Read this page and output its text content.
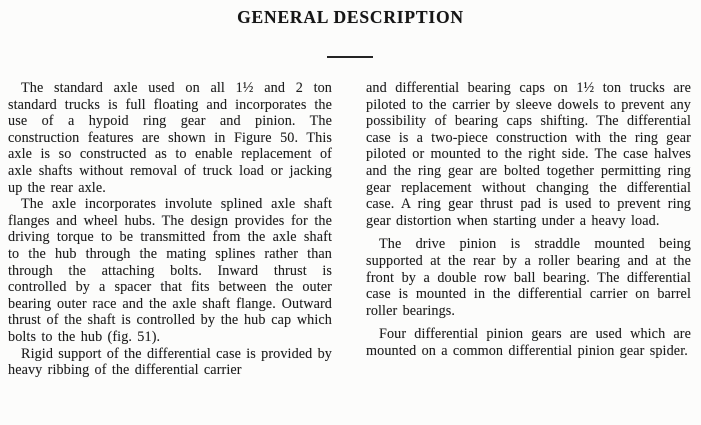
GENERAL DESCRIPTION

The standard axle used on all 1½ and 2 ton standard trucks is full floating and incorporates the use of a hypoid ring gear and pinion. The construction features are shown in Figure 50. This axle is so constructed as to enable replacement of axle shafts without removal of truck load or jacking up the rear axle.

The axle incorporates involute splined axle shaft flanges and wheel hubs. The design provides for the driving torque to be transmitted from the axle shaft to the hub through the mating splines rather than through the attaching bolts. Inward thrust is controlled by a spacer that fits between the outer bearing outer race and the axle shaft flange. Outward thrust of the shaft is controlled by the hub cap which bolts to the hub (fig. 51).

Rigid support of the differential case is provided by heavy ribbing of the differential carrier

and differential bearing caps on 1½ ton trucks are piloted to the carrier by sleeve dowels to prevent any possibility of bearing caps shifting. The differential case is a two-piece construction with the ring gear piloted or mounted to the right side. The case halves and the ring gear are bolted together permitting ring gear replacement without changing the differential case. A ring gear thrust pad is used to prevent ring gear distortion when starting under a heavy load.

The drive pinion is straddle mounted being supported at the rear by a roller bearing and at the front by a double row ball bearing. The differential case is mounted in the differential carrier on barrel roller bearings.

Four differential pinion gears are used which are mounted on a common differential pinion gear spider.
